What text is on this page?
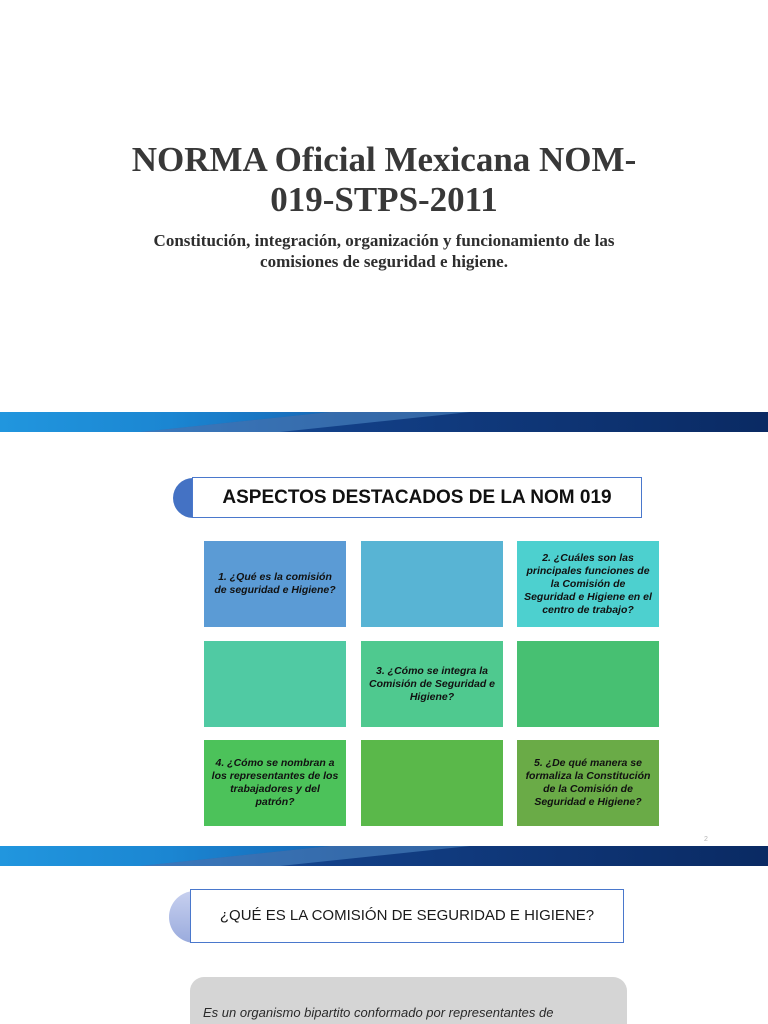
NORMA Oficial Mexicana NOM-019-STPS-2011

Constitución, integración, organización y funcionamiento de las comisiones de seguridad e higiene.

ASPECTOS DESTACADOS DE LA NOM 019
1. ¿Qué es la comisión de seguridad e Higiene?
2. ¿Cuáles son las principales funciones de la Comisión de Seguridad e Higiene en el centro de trabajo?
3. ¿Cómo se integra la Comisión de Seguridad e Higiene?
4. ¿Cómo se nombran a los representantes de los trabajadores y del patrón?
5. ¿De qué manera se formaliza la Constitución de la Comisión de Seguridad e Higiene?
2
¿QUÉ ES LA COMISIÓN DE SEGURIDAD E HIGIENE?
Es un organismo bipartito conformado por representantes de
